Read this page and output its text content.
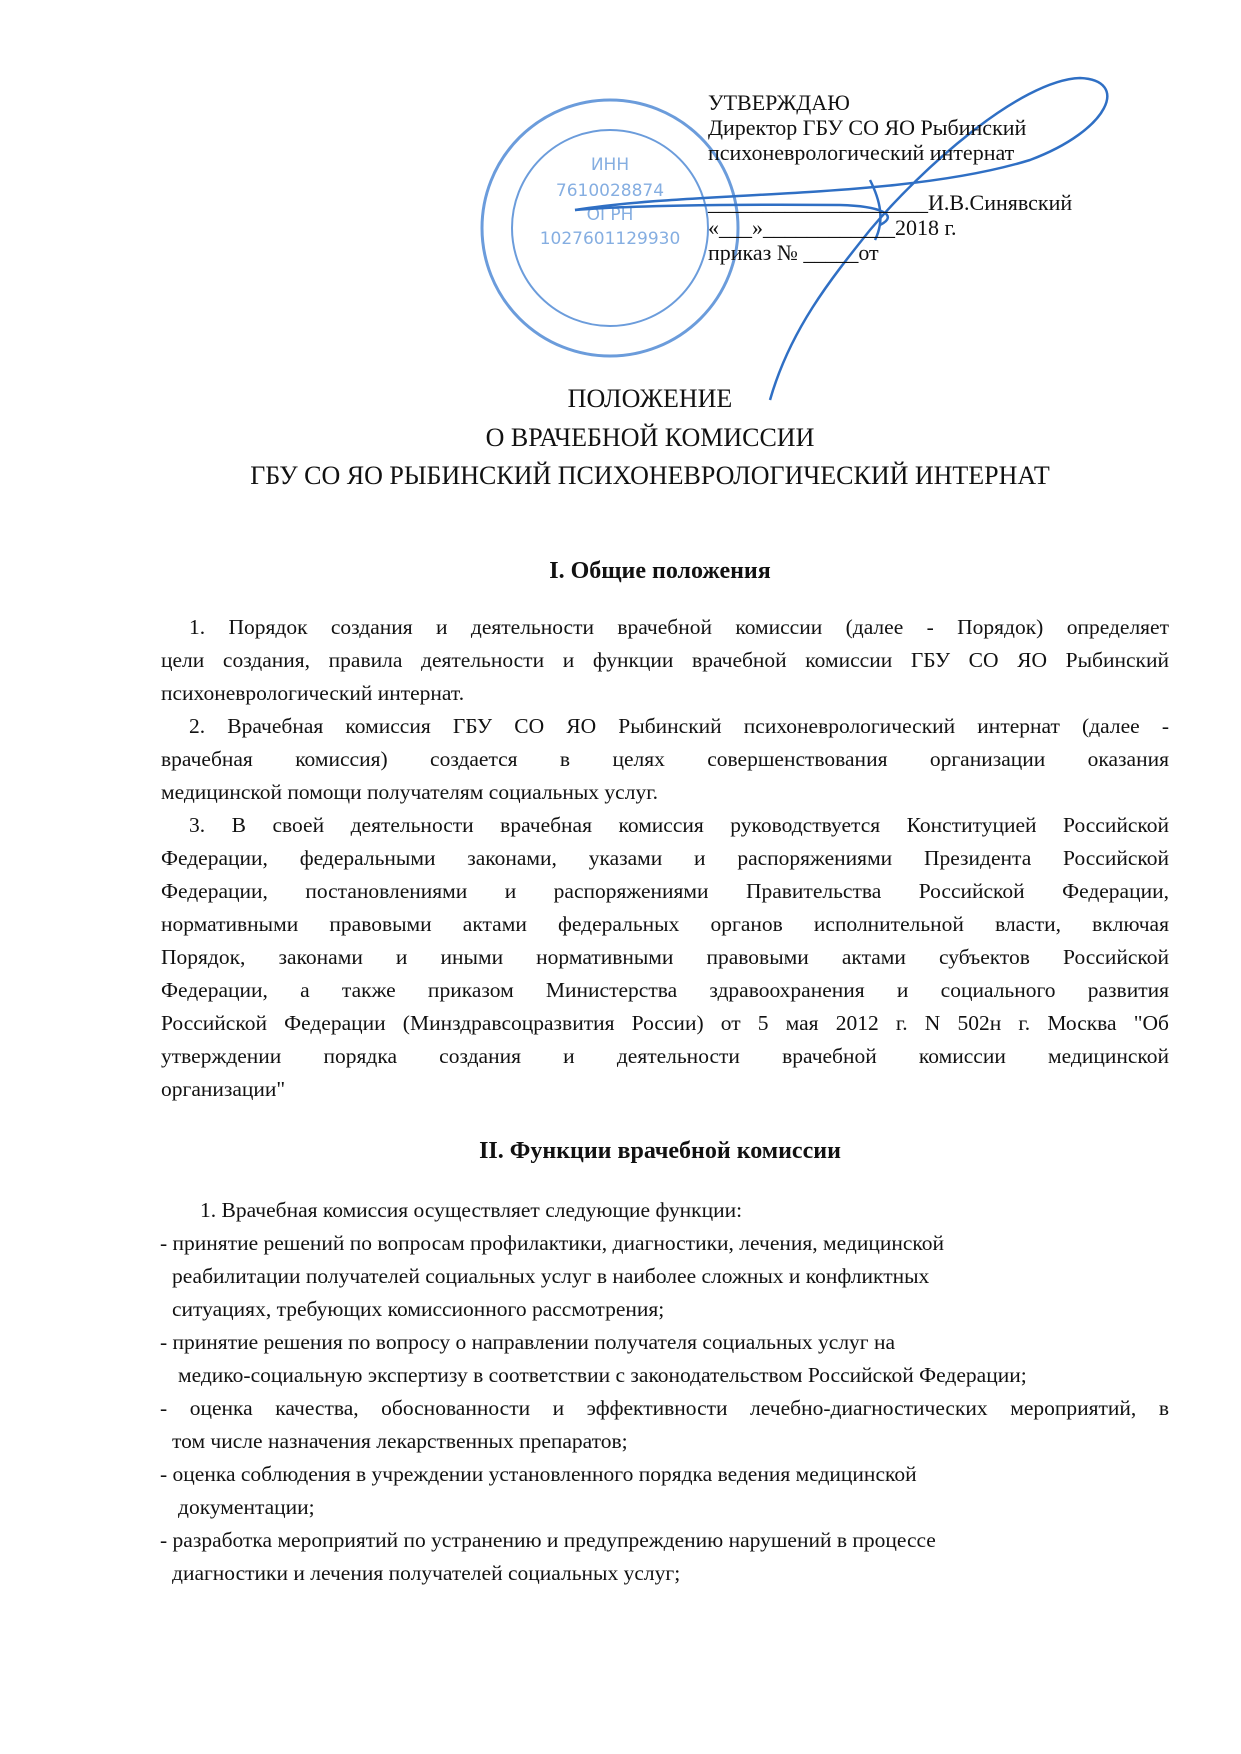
ИНН
7610028874
ОГРН
1027601129930
УТВЕРЖДАЮ
Директор ГБУ СО ЯО Рыбинский
психоневрологический интернат
____________________И.В.Синявский
«___»____________2018 г.
приказ № _____от
ПОЛОЖЕНИЕ
О ВРАЧЕБНОЙ КОМИССИИ
ГБУ СО ЯО РЫБИНСКИЙ ПСИХОНЕВРОЛОГИЧЕСКИЙ ИНТЕРНАТ
I. Общие положения
1. Порядок создания и деятельности врачебной комиссии (далее - Порядок) определяет
цели создания, правила деятельности и функции врачебной комиссии ГБУ СО ЯО Рыбинский
психоневрологический интернат.
2. Врачебная комиссия ГБУ СО ЯО Рыбинский психоневрологический интернат (далее -
врачебная комиссия) создается в целях совершенствования организации оказания
медицинской помощи получателям социальных услуг.
3. В своей деятельности врачебная комиссия руководствуется Конституцией Российской
Федерации, федеральными законами, указами и распоряжениями Президента Российской
Федерации, постановлениями и распоряжениями Правительства Российской Федерации,
нормативными правовыми актами федеральных органов исполнительной власти, включая
Порядок, законами и иными нормативными правовыми актами субъектов Российской
Федерации, а также приказом Министерства здравоохранения и социального развития
Российской Федерации (Минздравсоцразвития России) от 5 мая 2012 г. N 502н г. Москва "Об
утверждении порядка создания и деятельности врачебной комиссии медицинской
организации"
II. Функции врачебной комиссии
1. Врачебная комиссия осуществляет следующие функции:
- принятие решений по вопросам профилактики, диагностики, лечения, медицинской
реабилитации получателей социальных услуг в наиболее сложных и конфликтных
ситуациях, требующих комиссионного рассмотрения;
- принятие решения по вопросу о направлении получателя социальных услуг на
медико-социальную экспертизу в соответствии с законодательством Российской Федерации;
- оценка качества, обоснованности и эффективности лечебно-диагностических мероприятий, в
том числе назначения лекарственных препаратов;
- оценка соблюдения в учреждении установленного порядка ведения медицинской
документации;
- разработка мероприятий по устранению и предупреждению нарушений в процессе
диагностики и лечения получателей социальных услуг;
